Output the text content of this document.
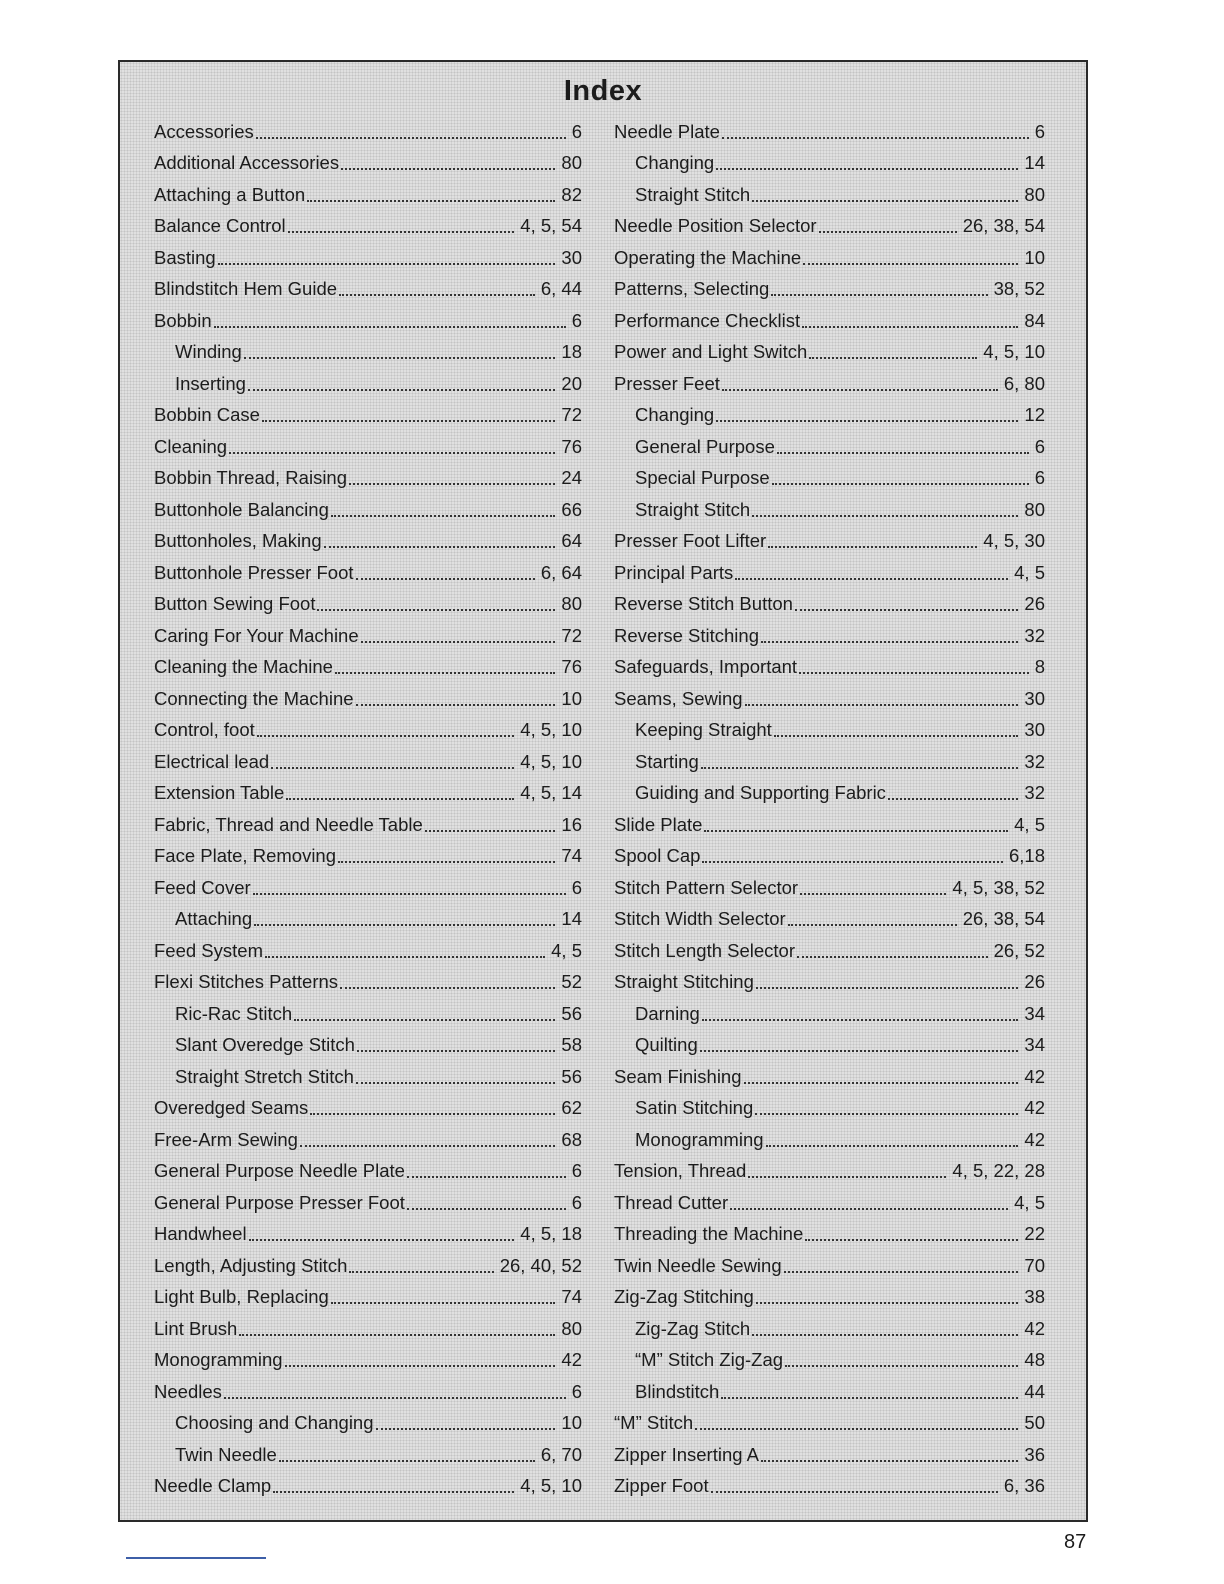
Index
Accessories	6
Additional Accessories	80
Attaching a Button	82
Balance Control	4, 5, 54
Basting	30
Blindstitch Hem Guide	6, 44
Bobbin	6
Winding	18
Inserting	20
Bobbin Case	72
Cleaning	76
Bobbin Thread, Raising	24
Buttonhole Balancing	66
Buttonholes, Making	64
Buttonhole Presser Foot	6, 64
Button Sewing Foot	80
Caring For Your Machine	72
Cleaning the Machine	76
Connecting the Machine	10
Control, foot	4, 5, 10
Electrical lead	4, 5, 10
Extension Table	4, 5, 14
Fabric, Thread and Needle Table	16
Face Plate, Removing	74
Feed Cover	6
Attaching	14
Feed System	4, 5
Flexi Stitches Patterns	52
Ric-Rac Stitch	56
Slant Overedge Stitch	58
Straight Stretch Stitch	56
Overedged Seams	62
Free-Arm Sewing	68
General Purpose Needle Plate	6
General Purpose Presser Foot	6
Handwheel	4, 5, 18
Length, Adjusting Stitch	26, 40, 52
Light Bulb, Replacing	74
Lint Brush	80
Monogramming	42
Needles	6
Choosing and Changing	10
Twin Needle	6, 70
Needle Clamp	4, 5, 10
Needle Plate	6
Changing	14
Straight Stitch	80
Needle Position Selector	26, 38, 54
Operating the Machine	10
Patterns, Selecting	38, 52
Performance Checklist	84
Power and Light Switch	4, 5, 10
Presser Feet	6, 80
Changing	12
General Purpose	6
Special Purpose	6
Straight Stitch	80
Presser Foot Lifter	4, 5, 30
Principal Parts	4, 5
Reverse Stitch Button	26
Reverse Stitching	32
Safeguards, Important	8
Seams, Sewing	30
Keeping Straight	30
Starting	32
Guiding and Supporting Fabric	32
Slide Plate	4, 5
Spool Cap	6,18
Stitch Pattern Selector	4, 5, 38, 52
Stitch Width Selector	26, 38, 54
Stitch Length Selector	26, 52
Straight Stitching	26
Darning	34
Quilting	34
Seam Finishing	42
Satin Stitching	42
Monogramming	42
Tension, Thread	4, 5, 22, 28
Thread Cutter	4, 5
Threading the Machine	22
Twin Needle Sewing	70
Zig-Zag Stitching	38
Zig-Zag Stitch	42
“M” Stitch Zig-Zag	48
Blindstitch	44
“M” Stitch	50
Zipper Inserting A	36
Zipper Foot	6, 36
87
